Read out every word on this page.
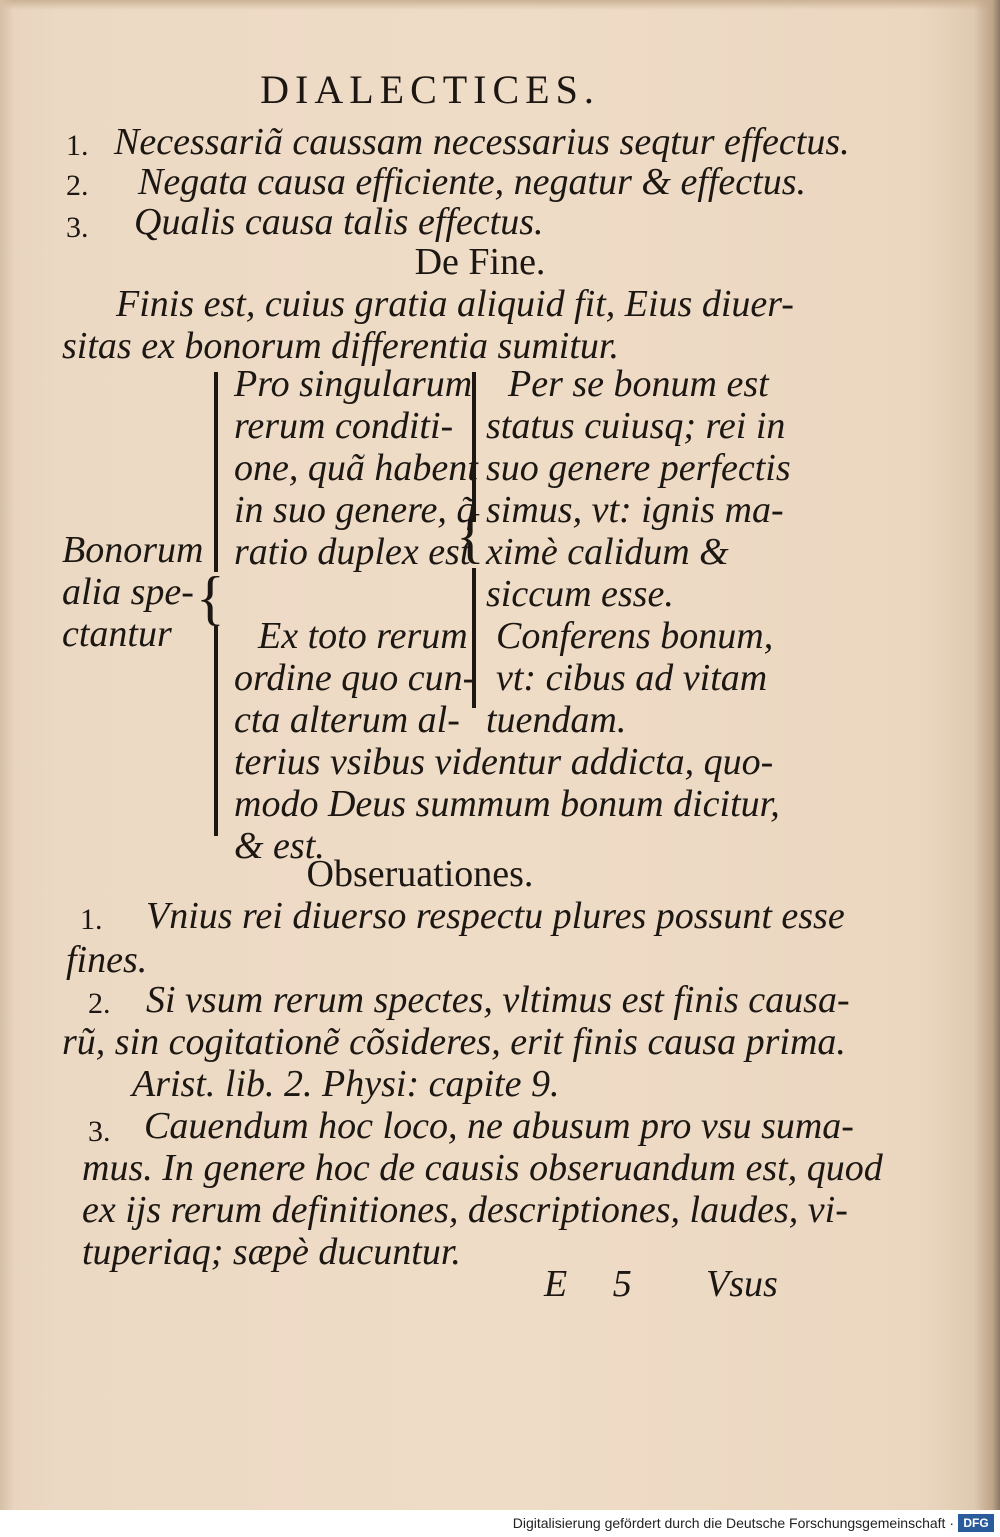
DIALECTICES.
1. Necessariã caussam necessarius seqtur effectus.
2. Negata causa efficiente, negatur & effectus.
3. Qualis causa talis effectus.
De Fine.
Finis est, cuius gratia aliquid fit, Eius diuer-
sitas ex bonorum differentia sumitur.
Bonorum
alia spe-
ctantur
{
Pro singularum
rerum conditi-
one, quã habent
in suo genere, q̃
ratio duplex est
{
Per se bonum est
status cuiusq; rei in
suo genere perfectis
simus, vt: ignis ma-
ximè calidum &
siccum esse.
Conferens bonum,
vt: cibus ad vitam
tuendam.
Ex toto rerum
ordine quo cun-
cta alterum al-
terius vsibus videntur addicta, quo-
modo Deus summum bonum dicitur,
& est.
Obseruationes.
1. Vnius rei diuerso respectu plures possunt esse
fines.
2. Si vsum rerum spectes, vltimus est finis causa-
rũ, sin cogitationẽ cõsideres, erit finis causa prima.
Arist. lib. 2. Physi: capite 9.
3. Cauendum hoc loco, ne abusum pro vsu suma-
mus. In genere hoc de causis obseruandum est, quod
ex ijs rerum definitiones, descriptiones, laudes, vi-
tuperiaq; sæpè ducuntur.
E 5 Vsus
Digitalisierung gefördert durch die Deutsche Forschungsgemeinschaft · DFG
